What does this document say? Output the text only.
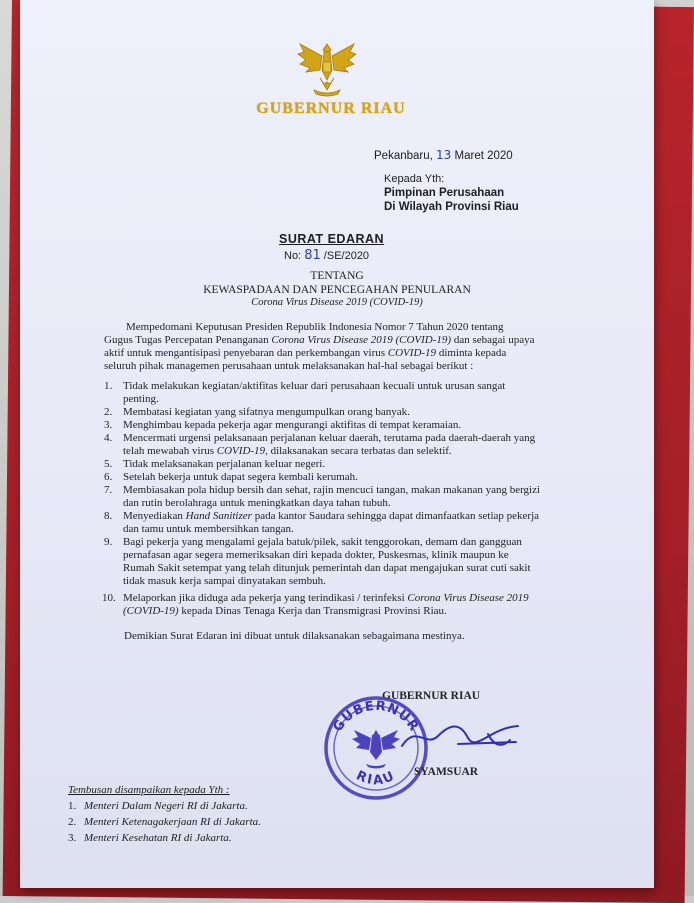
GUBERNUR RIAU
Pekanbaru, 13 Maret 2020
Kepada Yth:
Pimpinan Perusahaan
Di Wilayah Provinsi Riau
SURAT EDARAN
No: 81 /SE/2020
TENTANG
KEWASPADAAN DAN PENCEGAHAN PENULARAN
Corona Virus Disease 2019 (COVID-19)
Mempedomani Keputusan Presiden Republik Indonesia Nomor 7 Tahun 2020 tentang
Gugus Tugas Percepatan Penanganan Corona Virus Disease 2019 (COVID-19) dan sebagai upaya
aktif untuk mengantisipasi penyebaran dan perkembangan virus COVID-19 diminta kepada
seluruh pihak managemen perusahaan untuk melaksanakan hal-hal sebagai berikut :
1. Tidak melakukan kegiatan/aktifitas keluar dari perusahaan kecuali untuk urusan sangat
penting.
2. Membatasi kegiatan yang sifatnya mengumpulkan orang banyak.
3. Menghimbau kepada pekerja agar mengurangi aktifitas di tempat keramaian.
4. Mencermati urgensi pelaksanaan perjalanan keluar daerah, terutama pada daerah-daerah yang
telah mewabah virus COVID-19, dilaksanakan secara terbatas dan selektif.
5. Tidak melaksanakan perjalanan keluar negeri.
6. Setelah bekerja untuk dapat segera kembali kerumah.
7. Membiasakan pola hidup bersih dan sehat, rajin mencuci tangan, makan makanan yang bergizi
dan rutin berolahraga untuk meningkatkan daya tahan tubuh.
8. Menyediakan Hand Sanitizer pada kantor Saudara sehingga dapat dimanfaatkan setiap pekerja
dan tamu untuk membersihkan tangan.
9. Bagi pekerja yang mengalami gejala batuk/pilek, sakit tenggorokan, demam dan gangguan
pernafasan agar segera memeriksakan diri kepada dokter, Puskesmas, klinik maupun ke
Rumah Sakit setempat yang telah ditunjuk pemerintah dan dapat mengajukan surat cuti sakit
tidak masuk kerja sampai dinyatakan sembuh.
10. Melaporkan jika diduga ada pekerja yang terindikasi / terinfeksi Corona Virus Disease 2019
(COVID-19) kepada Dinas Tenaga Kerja dan Transmigrasi Provinsi Riau.
Demikian Surat Edaran ini dibuat untuk dilaksanakan sebagaimana mestinya.
GUBERNUR RIAU
GUBERNUR
RIAU SYAMSUAR
Tembusan disampaikan kepada Yth :
1. Menteri Dalam Negeri RI di Jakarta.
2. Menteri Ketenagakerjaan RI di Jakarta.
3. Menteri Kesehatan RI di Jakarta.
